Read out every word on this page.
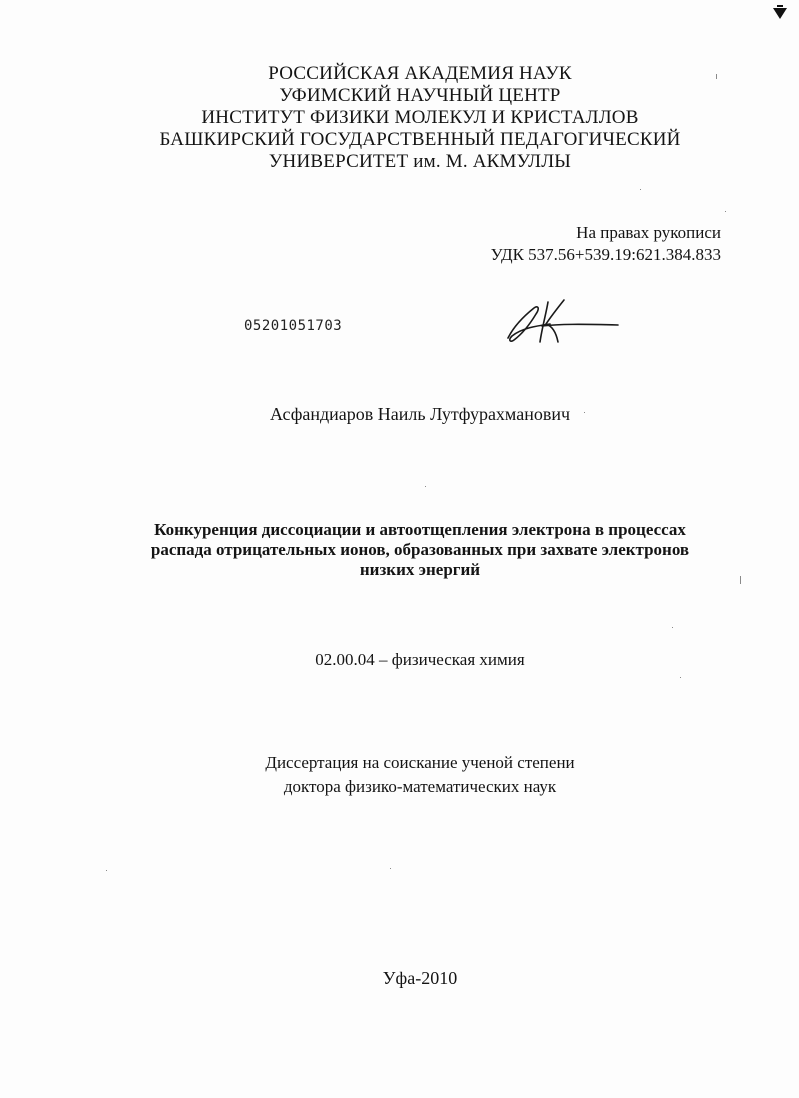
РОССИЙСКАЯ АКАДЕМИЯ НАУК
УФИМСКИЙ НАУЧНЫЙ ЦЕНТР
ИНСТИТУТ ФИЗИКИ МОЛЕКУЛ И КРИСТАЛЛОВ
БАШКИРСКИЙ ГОСУДАРСТВЕННЫЙ ПЕДАГОГИЧЕСКИЙ
УНИВЕРСИТЕТ им. М. АКМУЛЛЫ
На правах рукописи
УДК 537.56+539.19:621.384.833
05201051703
Асфандиаров Наиль Лутфурахманович
Конкуренция диссоциации и автоотщепления электрона в процессах
распада отрицательных ионов, образованных при захвате электронов
низких энергий
02.00.04 – физическая химия
Диссертация на соискание ученой степени
доктора физико-математических наук
Уфа-2010
